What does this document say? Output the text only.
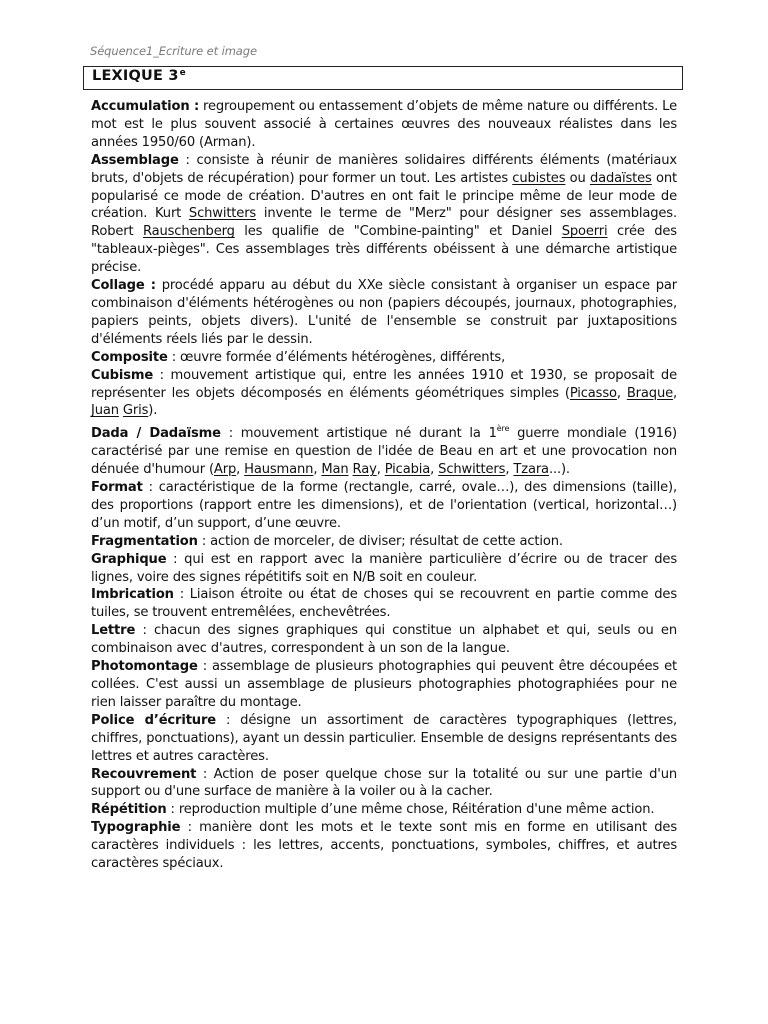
Séquence1_Ecriture et image
LEXIQUE 3e

Accumulation : regroupement ou entassement d’objets de même nature ou différents. Le mot est le plus souvent associé à certaines œuvres des nouveaux réalistes dans les années 1950/60 (Arman).

Assemblage : consiste à réunir de manières solidaires différents éléments (matériaux bruts, d'objets de récupération) pour former un tout. Les artistes cubistes ou dadaïstes ont popularisé ce mode de création. D'autres en ont fait le principe même de leur mode de création. Kurt Schwitters invente le terme de "Merz" pour désigner ses assemblages. Robert Rauschenberg les qualifie de "Combine-painting" et Daniel Spoerri crée des "tableaux-pièges". Ces assemblages très différents obéissent à une démarche artistique précise.

Collage : procédé apparu au début du XXe siècle consistant à organiser un espace par combinaison d'éléments hétérogènes ou non (papiers découpés, journaux, photographies, papiers peints, objets divers). L'unité de l'ensemble se construit par juxtapositions d'éléments réels liés par le dessin.

Composite : œuvre formée d’éléments hétérogènes, différents,

Cubisme : mouvement artistique qui, entre les années 1910 et 1930, se proposait de représenter les objets décomposés en éléments géométriques simples (Picasso, Braque, Juan Gris).

Dada / Dadaïsme : mouvement artistique né durant la 1ère guerre mondiale (1916) caractérisé par une remise en question de l'idée de Beau en art et une provocation non dénuée d'humour (Arp, Hausmann, Man Ray, Picabia, Schwitters, Tzara...).

Format : caractéristique de la forme (rectangle, carré, ovale…), des dimensions (taille), des proportions (rapport entre les dimensions), et de l'orientation (vertical, horizontal…) d’un motif, d’un support, d’une œuvre.

Fragmentation : action de morceler, de diviser; résultat de cette action.

Graphique : qui est en rapport avec la manière particulière d’écrire ou de tracer des lignes, voire des signes répétitifs soit en N/B soit en couleur.

Imbrication : Liaison étroite ou état de choses qui se recouvrent en partie comme des tuiles, se trouvent entremêlées, enchevêtrées.

Lettre : chacun des signes graphiques qui constitue un alphabet et qui, seuls ou en combinaison avec d'autres, correspondent à un son de la langue.

Photomontage : assemblage de plusieurs photographies qui peuvent être découpées et collées. C'est aussi un assemblage de plusieurs photographies photographiées pour ne rien laisser paraître du montage.

Police d’écriture : désigne un assortiment de caractères typographiques (lettres, chiffres, ponctuations), ayant un dessin particulier. Ensemble de designs représentants des lettres et autres caractères.

Recouvrement : Action de poser quelque chose sur la totalité ou sur une partie d'un support ou d'une surface de manière à la voiler ou à la cacher.

Répétition : reproduction multiple d’une même chose, Réitération d'une même action.

Typographie : manière dont les mots et le texte sont mis en forme en utilisant des caractères individuels : les lettres, accents, ponctuations, symboles, chiffres, et autres caractères spéciaux.
